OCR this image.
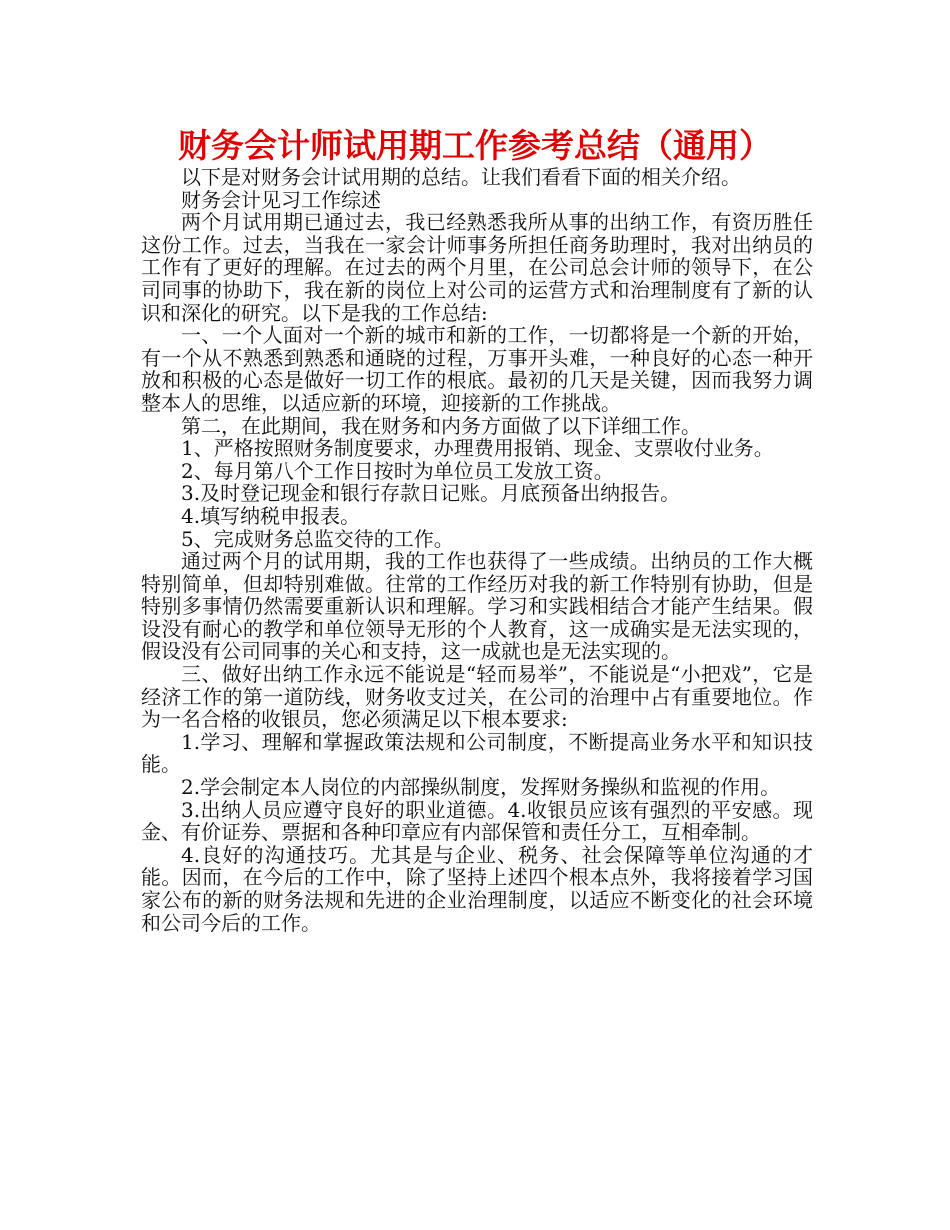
财务会计师试用期工作参考总结（通用）

以下是对财务会计试用期的总结。让我们看看下面的相关介绍。

财务会计见习工作综述

两个月试用期已通过去，我已经熟悉我所从事的出纳工作，有资历胜任这份工作。过去，当我在一家会计师事务所担任商务助理时，我对出纳员的工作有了更好的理解。在过去的两个月里，在公司总会计师的领导下，在公司同事的协助下，我在新的岗位上对公司的运营方式和治理制度有了新的认识和深化的研究。以下是我的工作总结:

一、一个人面对一个新的城市和新的工作，一切都将是一个新的开始，有一个从不熟悉到熟悉和通晓的过程，万事开头难，一种良好的心态一种开放和积极的心态是做好一切工作的根底。最初的几天是关键，因而我努力调整本人的思维，以适应新的环境，迎接新的工作挑战。

第二，在此期间，我在财务和内务方面做了以下详细工作。

1、严格按照财务制度要求，办理费用报销、现金、支票收付业务。

2、每月第八个工作日按时为单位员工发放工资。

3.及时登记现金和银行存款日记账。月底预备出纳报告。

4.填写纳税申报表。

5、完成财务总监交待的工作。

通过两个月的试用期，我的工作也获得了一些成绩。出纳员的工作大概特别简单，但却特别难做。往常的工作经历对我的新工作特别有协助，但是特别多事情仍然需要重新认识和理解。学习和实践相结合才能产生结果。假设没有耐心的教学和单位领导无形的个人教育，这一成确实是无法实现的，假设没有公司同事的关心和支持，这一成就也是无法实现的。

三、做好出纳工作永远不能说是“轻而易举”，不能说是“小把戏”，它是经济工作的第一道防线，财务收支过关，在公司的治理中占有重要地位。作为一名合格的收银员，您必须满足以下根本要求:

1.学习、理解和掌握政策法规和公司制度，不断提高业务水平和知识技能。

2.学会制定本人岗位的内部操纵制度，发挥财务操纵和监视的作用。

3.出纳人员应遵守良好的职业道德。4.收银员应该有强烈的平安感。现金、有价证券、票据和各种印章应有内部保管和责任分工，互相牵制。

4.良好的沟通技巧。尤其是与企业、税务、社会保障等单位沟通的才能。因而，在今后的工作中，除了坚持上述四个根本点外，我将接着学习国家公布的新的财务法规和先进的企业治理制度，以适应不断变化的社会环境和公司今后的工作。
